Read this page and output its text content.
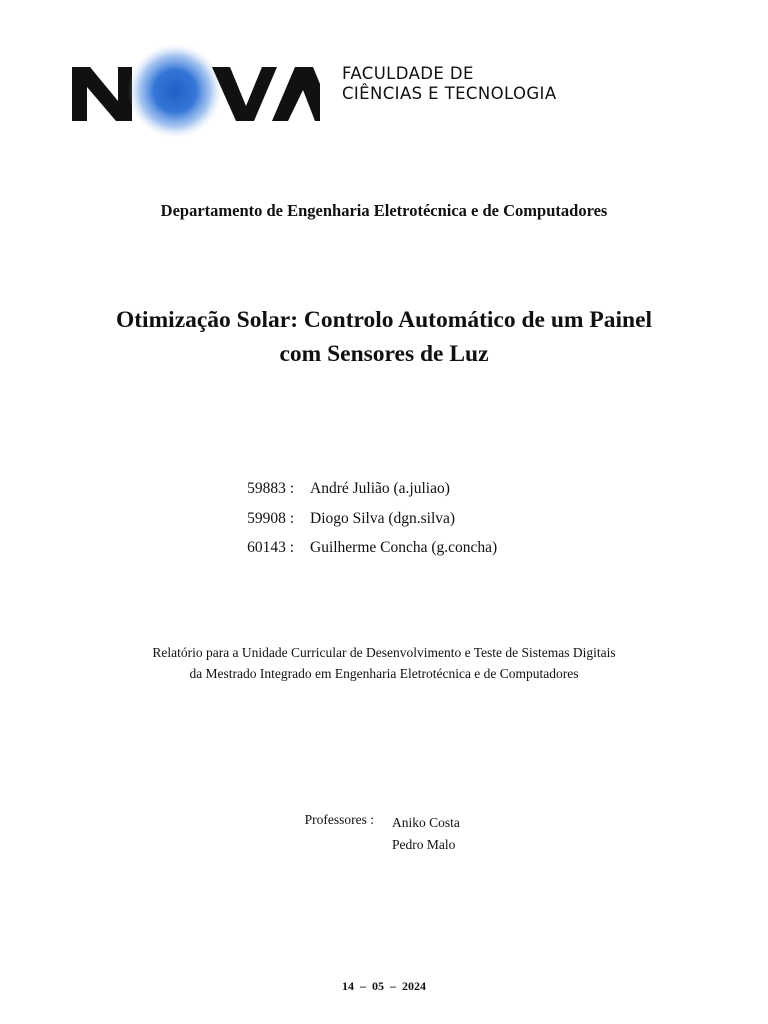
FACULDADE DE
CIÊNCIAS E TECNOLOGIA
Departamento de Engenharia Eletrotécnica e de Computadores
Otimização Solar: Controlo Automático de um Painel
com Sensores de Luz
59883 : André Julião (a.juliao)
59908 : Diogo Silva (dgn.silva)
60143 : Guilherme Concha (g.concha)
Relatório para a Unidade Curricular de Desenvolvimento e Teste de Sistemas Digitais
da Mestrado Integrado em Engenharia Eletrotécnica e de Computadores
Professores : Aniko Costa
Pedro Malo
14 – 05 – 2024
